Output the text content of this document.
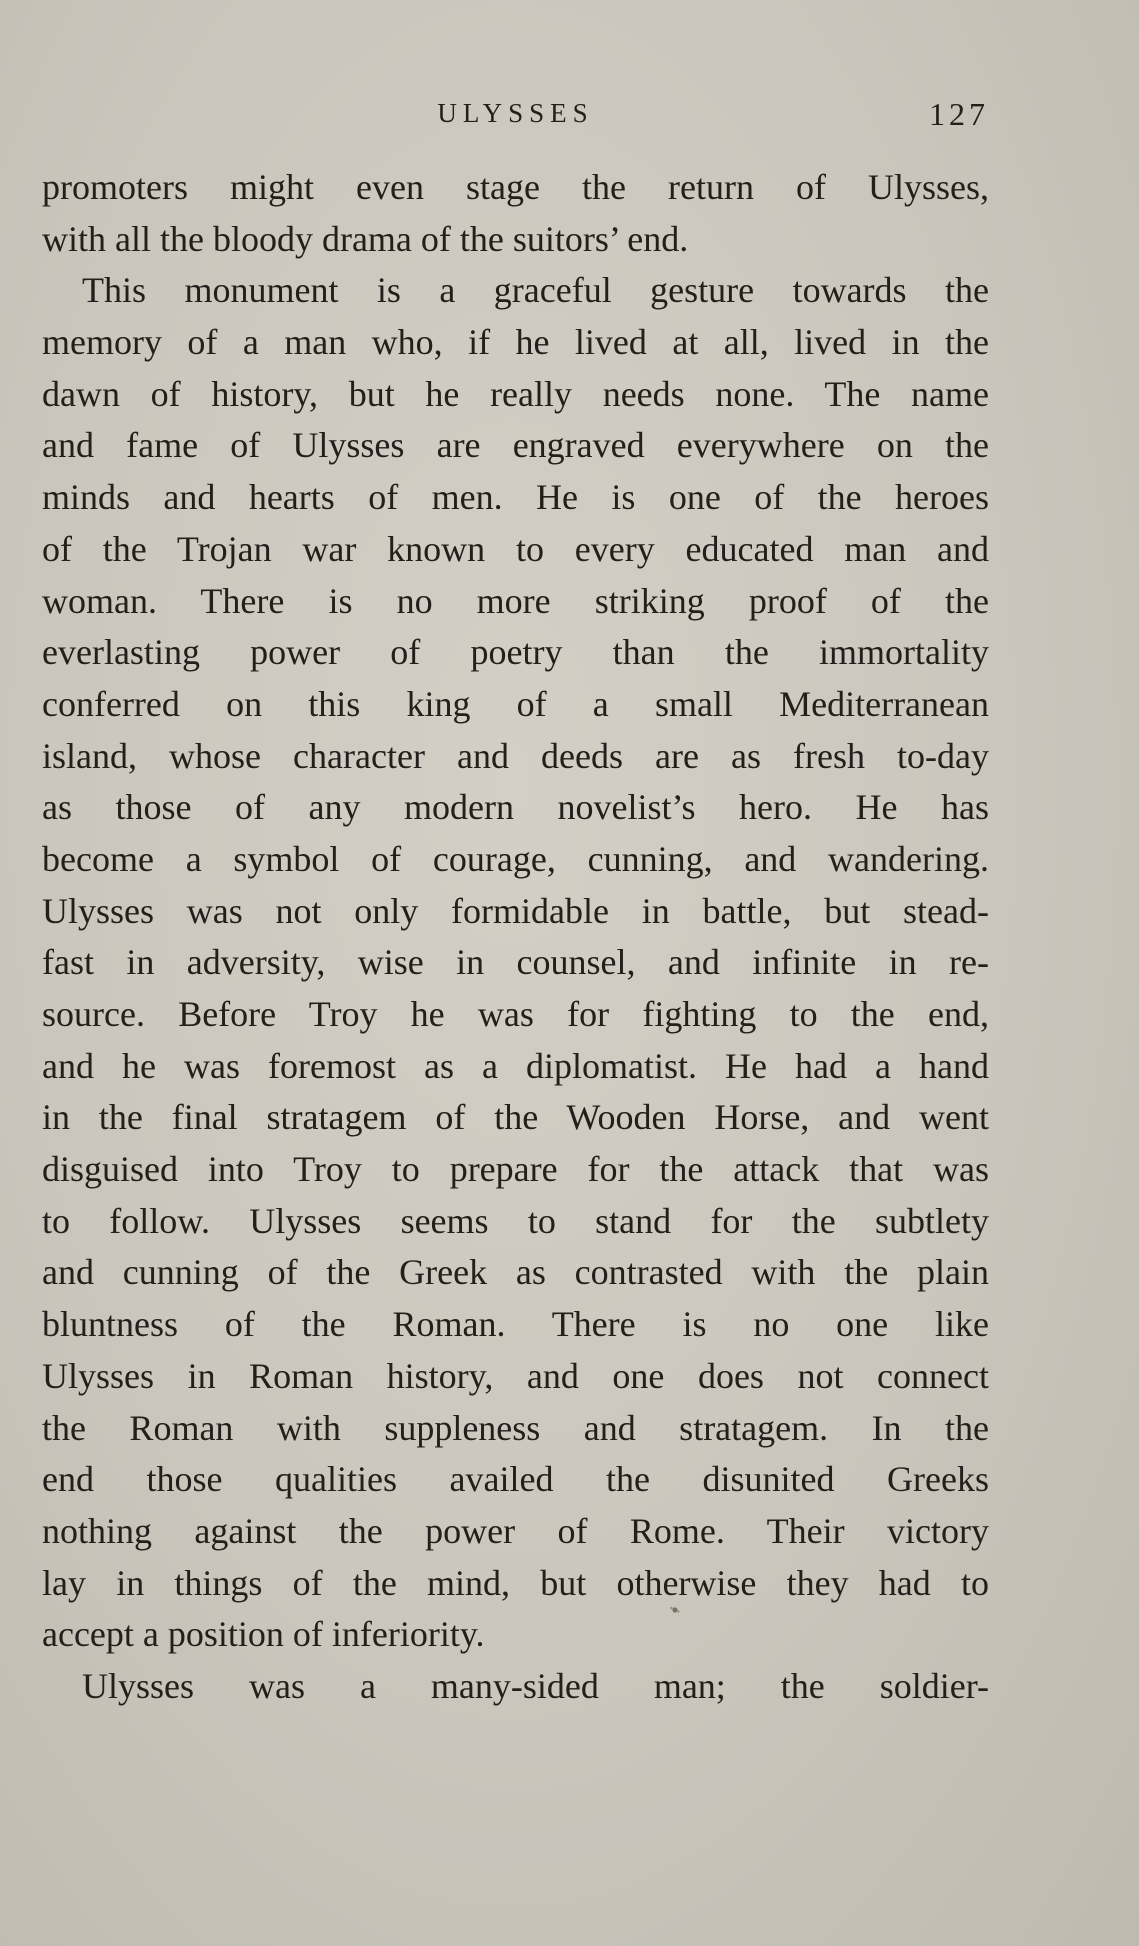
ULYSSES	127
promoters might even stage the return of Ulysses,
with all the bloody drama of the suitors’ end.
This monument is a graceful gesture towards the
memory of a man who, if he lived at all, lived in the
dawn of history, but he really needs none. The name
and fame of Ulysses are engraved everywhere on the
minds and hearts of men. He is one of the heroes
of the Trojan war known to every educated man and
woman. There is no more striking proof of the
everlasting power of poetry than the immortality
conferred on this king of a small Mediterranean
island, whose character and deeds are as fresh to-day
as those of any modern novelist’s hero. He has
become a symbol of courage, cunning, and wandering.
Ulysses was not only formidable in battle, but stead-
fast in adversity, wise in counsel, and infinite in re-
source. Before Troy he was for fighting to the end,
and he was foremost as a diplomatist. He had a hand
in the final stratagem of the Wooden Horse, and went
disguised into Troy to prepare for the attack that was
to follow. Ulysses seems to stand for the subtlety
and cunning of the Greek as contrasted with the plain
bluntness of the Roman. There is no one like
Ulysses in Roman history, and one does not connect
the Roman with suppleness and stratagem. In the
end those qualities availed the disunited Greeks
nothing against the power of Rome. Their victory
lay in things of the mind, but otherwise they had to
accept a position of inferiority.
Ulysses was a many-sided man; the soldier-
